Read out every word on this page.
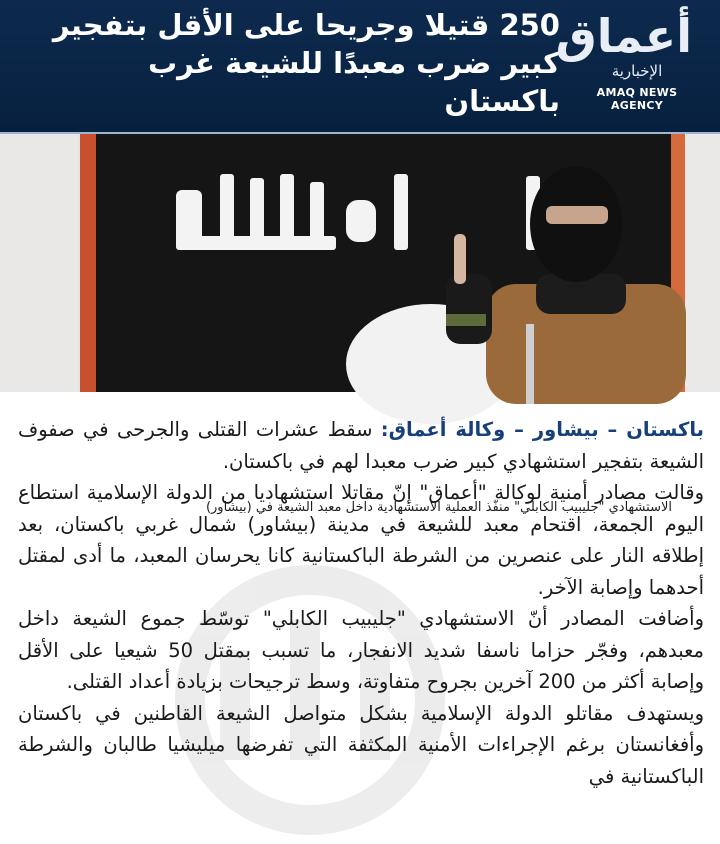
250 قتيلا وجريحا على الأقل بتفجير
كبير ضرب معبدًا للشيعة غرب
باكستان
أعماق
الإخبارية
AMAQ NEWS AGENCY
الاستشهادي "جليبيب الكابلي" منفّذ العملية الاستشهادية داخل معبد الشيعة في (بيشاور)

باكستان – بيشاور – وكالة أعماق: سقط عشرات القتلى والجرحى في صفوف الشيعة بتفجير استشهادي كبير ضرب معبدا لهم في باكستان.

وقالت مصادر أمنية لوكالة "أعماق" إنّ مقاتلا استشهاديا من الدولة الإسلامية استطاع اليوم الجمعة، اقتحام معبد للشيعة في مدينة (بيشاور) شمال غربي باكستان، بعد إطلاقه النار على عنصرين من الشرطة الباكستانية كانا يحرسان المعبد، ما أدى لمقتل أحدهما وإصابة الآخر.

وأضافت المصادر أنّ الاستشهادي "جليبيب الكابلي" توسّط جموع الشيعة داخل معبدهم، وفجّر حزاما ناسفا شديد الانفجار، ما تسبب بمقتل 50 شيعيا على الأقل وإصابة أكثر من 200 آخرين بجروح متفاوتة، وسط ترجيحات بزيادة أعداد القتلى.

ويستهدف مقاتلو الدولة الإسلامية بشكل متواصل الشيعة القاطنين في باكستان وأفغانستان برغم الإجراءات الأمنية المكثفة التي تفرضها ميليشيا طالبان والشرطة الباكستانية في
